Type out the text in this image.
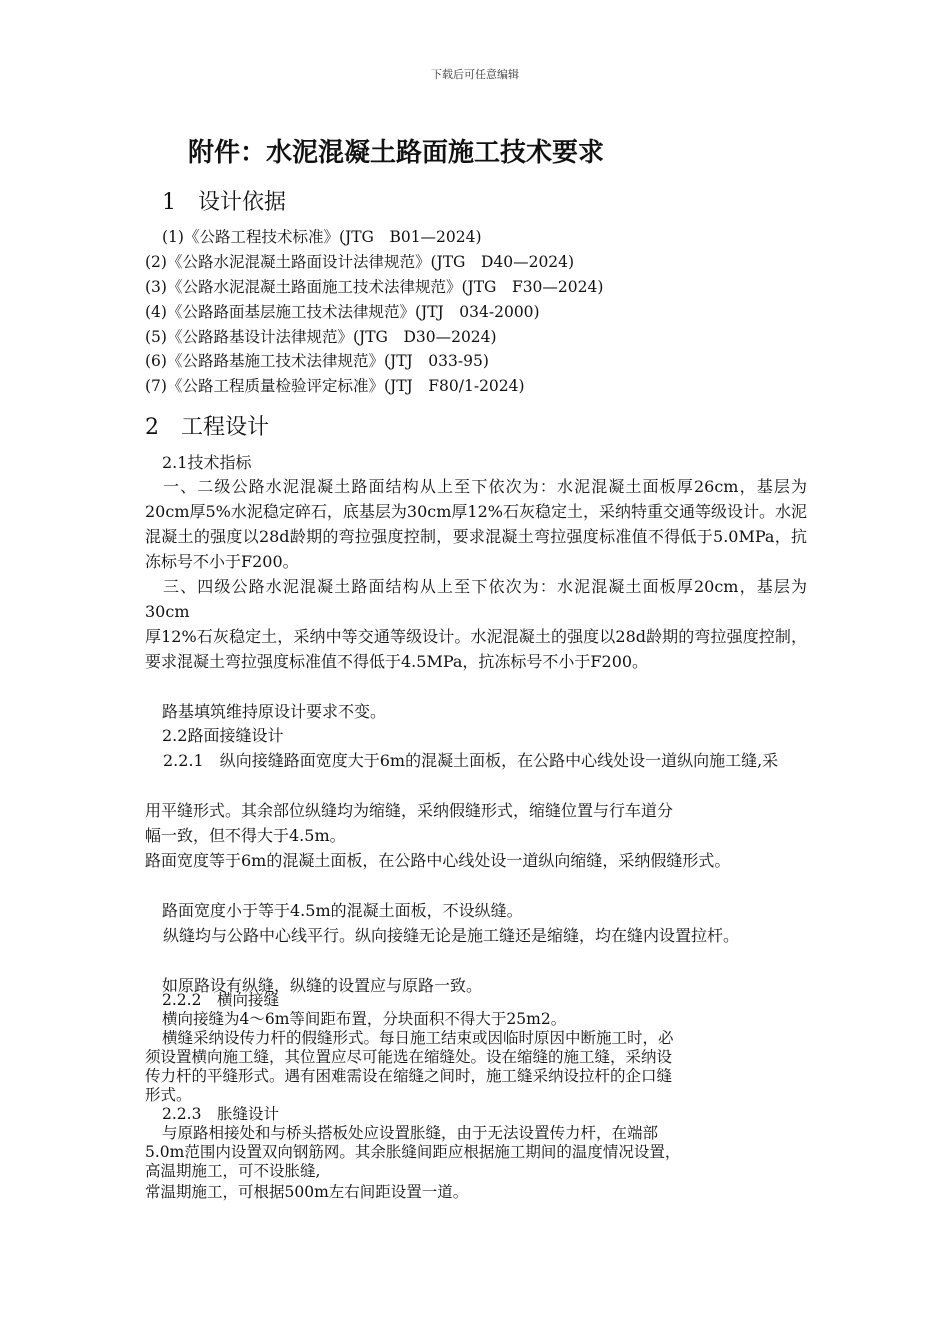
下载后可任意编辑
附件：水泥混凝土路面施工技术要求
1　设计依据
(1)《公路工程技术标准》(JTG　B01—2024)
(2)《公路水泥混凝土路面设计法律规范》(JTG　D40—2024)
(3)《公路水泥混凝土路面施工技术法律规范》(JTG　F30—2024)
(4)《公路路面基层施工技术法律规范》(JTJ　034-2000)
(5)《公路路基设计法律规范》(JTG　D30—2024)
(6)《公路路基施工技术法律规范》(JTJ　033-95)
(7)《公路工程质量检验评定标准》(JTJ　F80/1-2024)
2　工程设计
2.1技术指标
一、二级公路水泥混凝土路面结构从上至下依次为：水泥混凝土面板厚26cm，基层为20cm厚5%水泥稳定碎石，底基层为30cm厚12%石灰稳定土，采纳特重交通等级设计。水泥混凝土的强度以28d龄期的弯拉强度控制，要求混凝土弯拉强度标准值不得低于5.0MPa，抗冻标号不小于F200。
三、四级公路水泥混凝土路面结构从上至下依次为：水泥混凝土面板厚20cm，基层为30cm
厚12%石灰稳定土，采纳中等交通等级设计。水泥混凝土的强度以28d龄期的弯拉强度控制，要求混凝土弯拉强度标准值不得低于4.5MPa，抗冻标号不小于F200。
路基填筑维持原设计要求不变。
2.2路面接缝设计
2.2.1　纵向接缝路面宽度大于6m的混凝土面板，在公路中心线处设一道纵向施工缝,采
用平缝形式。其余部位纵缝均为缩缝，采纳假缝形式，缩缝位置与行车道分
幅一致，但不得大于4.5m。
路面宽度等于6m的混凝土面板，在公路中心线处设一道纵向缩缝，采纳假缝形式。
路面宽度小于等于4.5m的混凝土面板，不设纵缝。
纵缝均与公路中心线平行。纵向接缝无论是施工缝还是缩缝，均在缝内设置拉杆。
如原路设有纵缝，纵缝的设置应与原路一致。
2.2.2　横向接缝
横向接缝为4～6m等间距布置，分块面积不得大于25m2。
横缝采纳设传力杆的假缝形式。每日施工结束或因临时原因中断施工时，必
须设置横向施工缝，其位置应尽可能选在缩缝处。设在缩缝的施工缝，采纳设
传力杆的平缝形式。遇有困难需设在缩缝之间时，施工缝采纳设拉杆的企口缝
形式。
2.2.3　胀缝设计
与原路相接处和与桥头搭板处应设置胀缝，由于无法设置传力杆，在端部
5.0m范围内设置双向钢筋网。其余胀缝间距应根据施工期间的温度情况设置，
高温期施工，可不设胀缝,
常温期施工，可根据500m左右间距设置一道。
